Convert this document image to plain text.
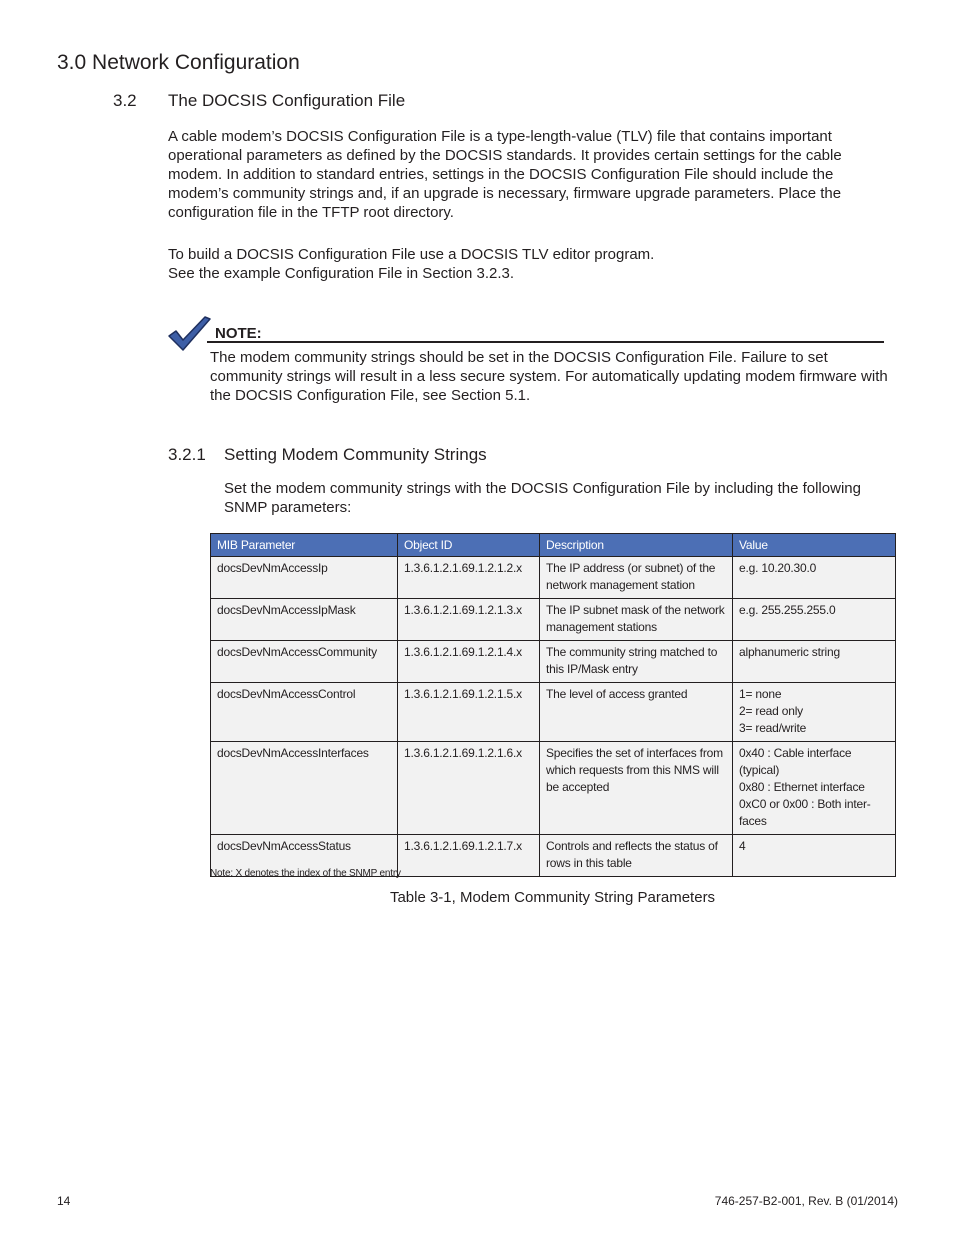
3.0 Network Configuration
3.2 The DOCSIS Configuration File
A cable modem’s DOCSIS Configuration File is a type-length-value (TLV) file that contains important operational parameters as defined by the DOCSIS standards. It provides certain settings for the cable modem. In addition to standard entries, settings in the DOCSIS Configuration File should include the modem’s community strings and, if an upgrade is necessary, firmware upgrade parameters. Place the configuration file in the TFTP root directory.
To build a DOCSIS Configuration File use a DOCSIS TLV editor program.
See the example Configuration File in Section 3.2.3.
NOTE:
The modem community strings should be set in the DOCSIS Configuration File. Failure to set community strings will result in a less secure system. For automatically updating modem firmware with the DOCSIS Configuration File, see Section 5.1.
3.2.1 Setting Modem Community Strings
Set the modem community strings with the DOCSIS Configuration File by including the following SNMP parameters:
MIB Parameter	Object ID	Description	Value
docsDevNmAccessIp	1.3.6.1.2.1.69.1.2.1.2.x	The IP address (or subnet) of the network management station	e.g. 10.20.30.0
docsDevNmAccessIpMask	1.3.6.1.2.1.69.1.2.1.3.x	The IP subnet mask of the network management stations	e.g. 255.255.255.0
docsDevNmAccessCommunity	1.3.6.1.2.1.69.1.2.1.4.x	The community string matched to this IP/Mask entry	alphanumeric string
docsDevNmAccessControl	1.3.6.1.2.1.69.1.2.1.5.x	The level of access granted	1= none
2= read only
3= read/write
docsDevNmAccessInterfaces	1.3.6.1.2.1.69.1.2.1.6.x	Specifies the set of interfaces from which requests from this NMS will be accepted	0x40 : Cable interface (typical)
0x80 : Ethernet interface
0xC0 or 0x00 : Both inter-faces
docsDevNmAccessStatus	1.3.6.1.2.1.69.1.2.1.7.x	Controls and reflects the status of rows in this table	4
Note: X denotes the index of the SNMP entry
Table 3-1, Modem Community String Parameters
14	746-257-B2-001, Rev. B (01/2014)
